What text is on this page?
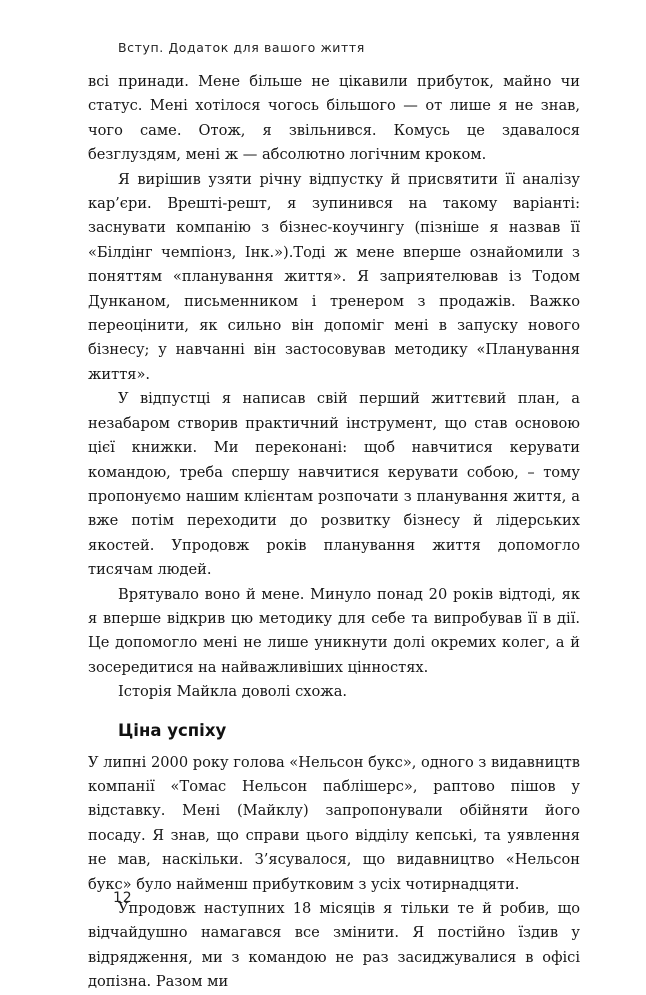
Вступ. Додаток для вашого життя

всі принади. Мене більше не цікавили прибуток, майно чи статус. Мені хотілося чогось більшого — от лише я не знав, чого саме. Отож, я звільнився. Комусь це здавалося безглуздям, мені ж — абсолютно логічним кроком.

Я вирішив узяти річну відпустку й присвятити її аналізу кар’єри. Врешті-решт, я зупинився на такому варіанті: заснувати компанію з бізнес-коучингу (пізніше я назвав її «Білдінг чемпіонз, Інк.»).Тоді ж мене вперше ознайомили з поняттям «планування життя». Я заприятелював із Тодом Дунканом, письменником і тренером з продажів. Важко переоцінити, як сильно він допоміг мені в запуску нового бізнесу; у навчанні він застосовував методику «Планування життя».

У відпустці я написав свій перший життєвий план, а незабаром створив практичний інструмент, що став основою цієї книжки. Ми переконані: щоб навчитися керувати командою, треба спершу навчитися керувати собою, – тому пропонуємо нашим клієнтам розпочати з планування життя, а вже потім переходити до розвитку бізнесу й лідерських якостей. Упродовж років планування життя допомогло тисячам людей.

Врятувало воно й мене. Минуло понад 20 років відтоді, як я вперше відкрив цю методику для себе та випробував її в дії. Це допомогло мені не лише уникнути долі окремих колег, а й зосередитися на найважливіших цінностях.

Історія Майкла доволі схожа.

Ціна успіху

У липні 2000 року голова «Нельсон букс», одного з видавництв компанії «Томас Нельсон паблішерс», раптово пішов у відставку. Мені (Майклу) запропонували обійняти його посаду. Я знав, що справи цього відділу кепські, та уявлення не мав, наскільки. З’ясувалося, що видавництво «Нельсон букс» було найменш прибутковим з усіх чотирнадцяти.

Упродовж наступних 18 місяців я тільки те й робив, що відчайдушно намагався все змінити. Я постійно їздив у відрядження, ми з командою не раз засиджувалися в офісі допізна. Разом ми

12
